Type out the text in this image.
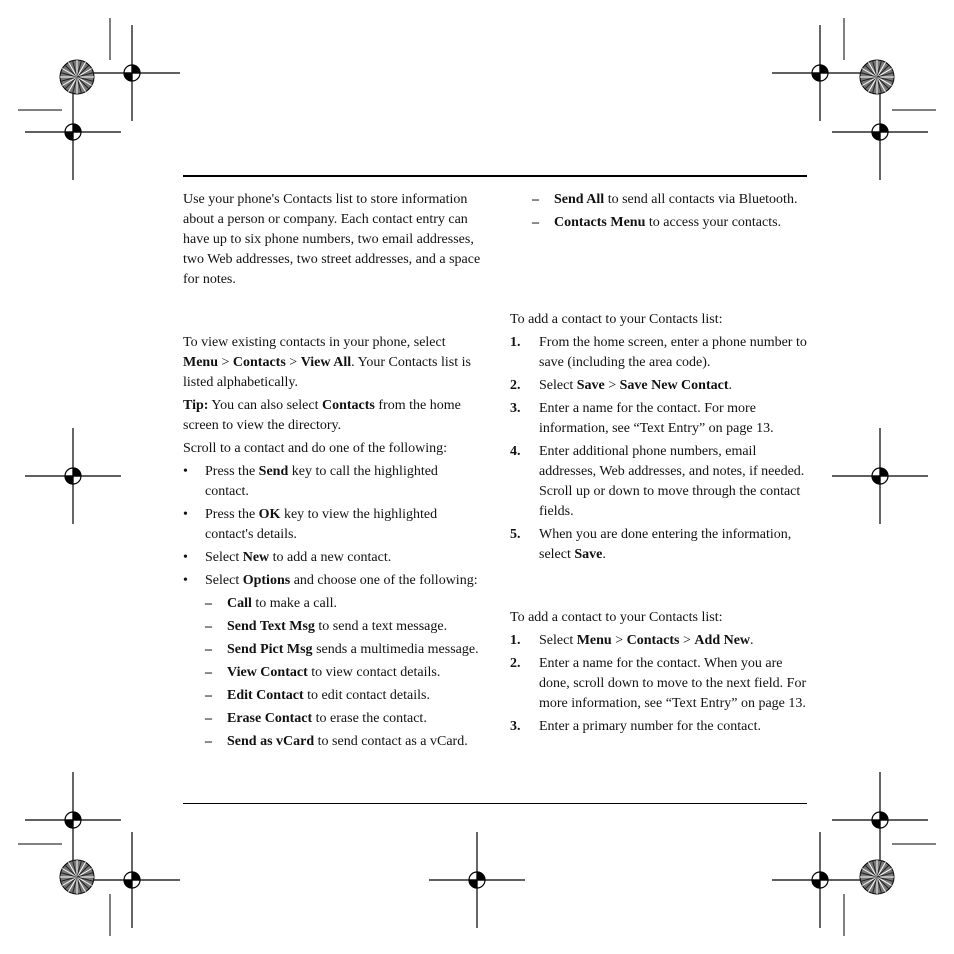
Use your phone's Contacts list to store information about a person or company. Each contact entry can have up to six phone numbers, two email addresses, two Web addresses, two street addresses, and a space for notes.

To view existing contacts in your phone, select Menu > Contacts > View All. Your Contacts list is listed alphabetically.

Tip: You can also select Contacts from the home screen to view the directory.

Scroll to a contact and do one of the following:

• Press the Send key to call the highlighted contact.
• Press the OK key to view the highlighted contact's details.
• Select New to add a new contact.
• Select Options and choose one of the following:
– Call to make a call.
– Send Text Msg to send a text message.
– Send Pict Msg sends a multimedia message.
– View Contact to view contact details.
– Edit Contact to edit contact details.
– Erase Contact to erase the contact.
– Send as vCard to send contact as a vCard.
– Send All to send all contacts via Bluetooth.
– Contacts Menu to access your contacts.

To add a contact to your Contacts list:

1. From the home screen, enter a phone number to save (including the area code).
2. Select Save > Save New Contact.
3. Enter a name for the contact. For more information, see “Text Entry” on page 13.
4. Enter additional phone numbers, email addresses, Web addresses, and notes, if needed. Scroll up or down to move through the contact fields.
5. When you are done entering the information, select Save.

To add a contact to your Contacts list:

1. Select Menu > Contacts > Add New.
2. Enter a name for the contact. When you are done, scroll down to move to the next field. For more information, see “Text Entry” on page 13.
3. Enter a primary number for the contact.
